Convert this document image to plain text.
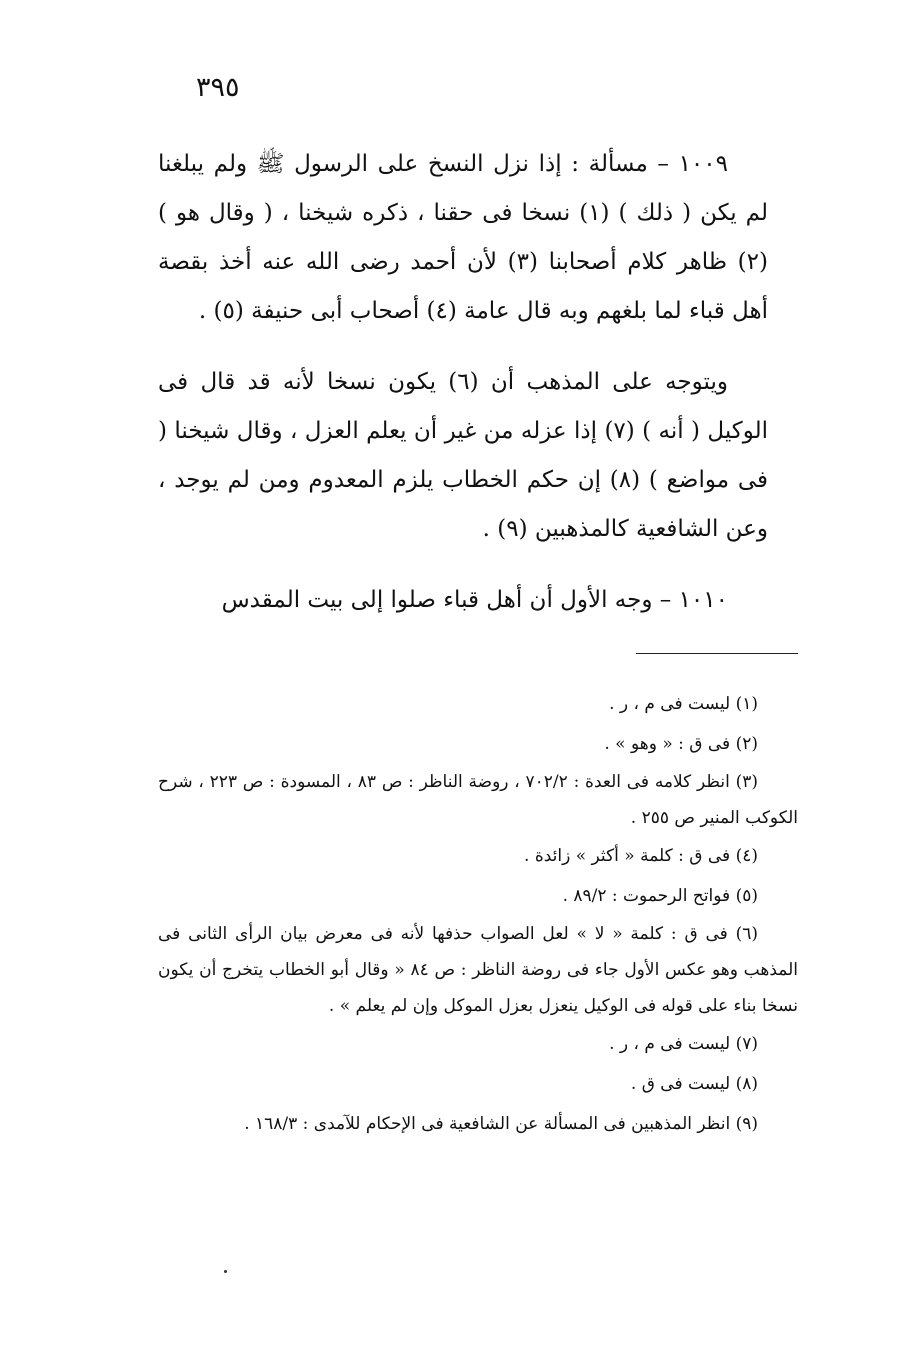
٣٩٥

١٠٠٩ – مسألة : إذا نزل النسخ على الرسول ﷺ ولم يبلغنا لم يكن ( ذلك ) (١) نسخا فى حقنا ، ذكره شيخنا ، ( وقال هو ) (٢) ظاهر كلام أصحابنا (٣) لأن أحمد رضى الله عنه أخذ بقصة أهل قباء لما بلغهم وبه قال عامة (٤) أصحاب أبى حنيفة (٥) .

ويتوجه على المذهب أن (٦) يكون نسخا لأنه قد قال فى الوكيل ( أنه ) (٧) إذا عزله من غير أن يعلم العزل ، وقال شيخنا ( فى مواضع ) (٨) إن حكم الخطاب يلزم المعدوم ومن لم يوجد ، وعن الشافعية كالمذهبين (٩) .

١٠١٠ – وجه الأول أن أهل قباء صلوا إلى بيت المقدس

(١) ليست فى م ، ر .

(٢) فى ق : « وهو » .

(٣) انظر كلامه فى العدة : ٧٠٢/٢ ، روضة الناظر : ص ٨٣ ، المسودة : ص ٢٢٣ ، شرح الكوكب المنير ص ٢٥٥ .

(٤) فى ق : كلمة « أكثر » زائدة .

(٥) فواتح الرحموت : ٨٩/٢ .

(٦) فى ق : كلمة « لا » لعل الصواب حذفها لأنه فى معرض بيان الرأى الثانى فى المذهب وهو عكس الأول جاء فى روضة الناظر : ص ٨٤ « وقال أبو الخطاب يتخرج أن يكون نسخا بناء على قوله فى الوكيل ينعزل بعزل الموكل وإن لم يعلم » .

(٧) ليست فى م ، ر .

(٨) ليست فى ق .

(٩) انظر المذهبين فى المسألة عن الشافعية فى الإحكام للآمدى : ١٦٨/٣ .
